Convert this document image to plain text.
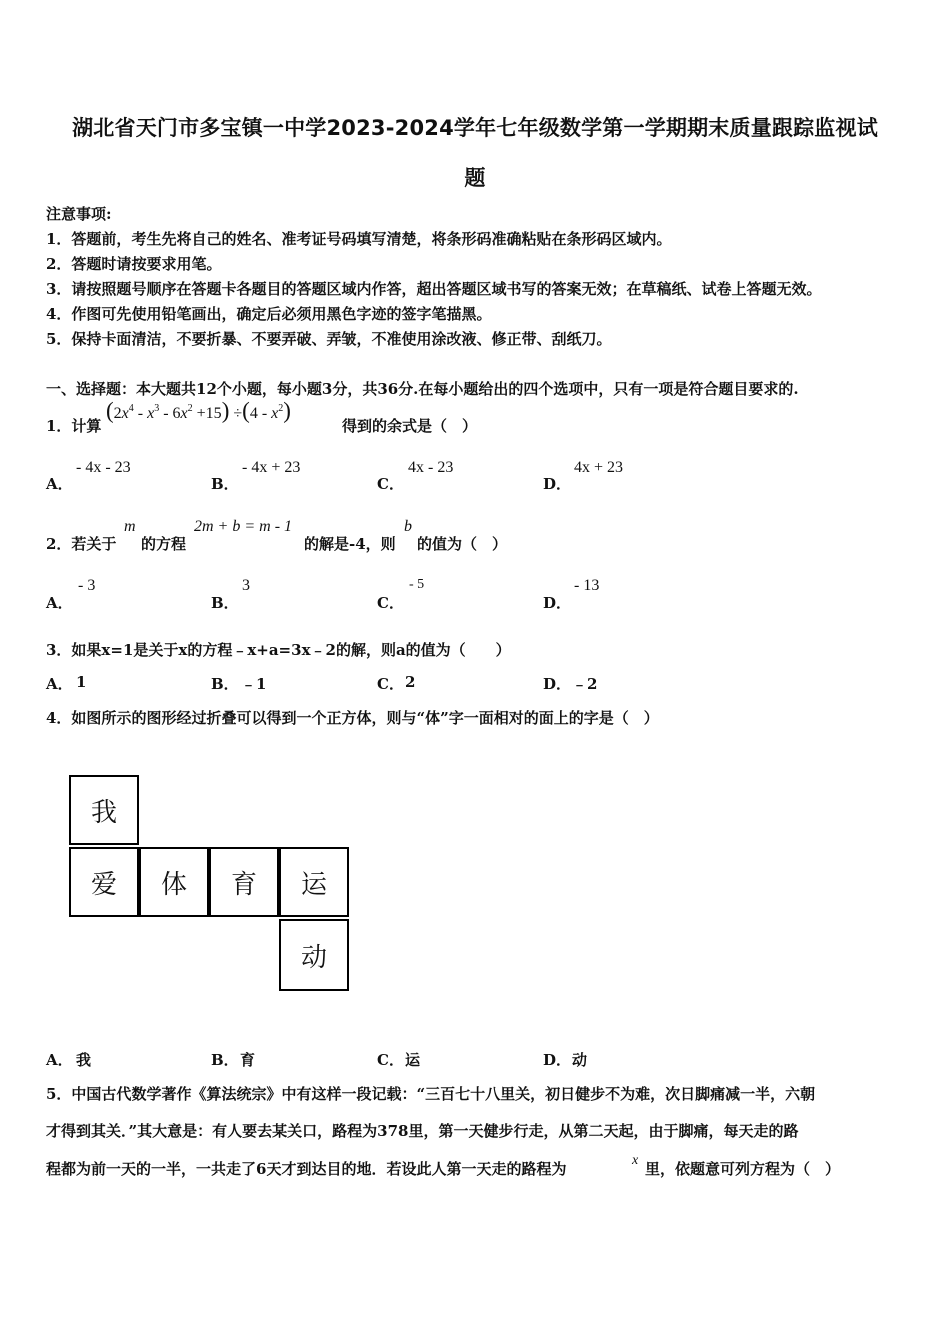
湖北省天门市多宝镇一中学2023-2024学年七年级数学第一学期期末质量跟踪监视试
题
注意事项:
1．答题前，考生先将自己的姓名、准考证号码填写清楚，将条形码准确粘贴在条形码区域内。
2．答题时请按要求用笔。
3．请按照题号顺序在答题卡各题目的答题区域内作答，超出答题区域书写的答案无效；在草稿纸、试卷上答题无效。
4．作图可先使用铅笔画出，确定后必须用黑色字迹的签字笔描黑。
5．保持卡面清洁，不要折暴、不要弄破、弄皱，不准使用涂改液、修正带、刮纸刀。
一、选择题：本大题共12个小题，每小题3分，共36分.在每小题给出的四个选项中，只有一项是符合题目要求的.
1．计算
$(2x^4 - x^3 - 6x^2 +15) \div(4 - x^2)$
得到的余式是（　）
A．
- 4x - 23
B．
- 4x + 23
C．
4x - 23
D．
4x + 23
2．若关于
m
的方程
2m + b = m - 1
的解是-4，则
b
的值为（　）
A．
- 3
B．
3
C．
- 5
D．
- 13
3．如果x=1是关于x的方程﹣x+a=3x﹣2的解，则a的值为（　　）
A． 1	B． ﹣1	C． 2	D． ﹣2
4．如图所示的图形经过折叠可以得到一个正方体，则与“体”字一面相对的面上的字是（　）
我
爱	体	育	运
动
A． 我	B． 育	C． 运	D． 动
5．中国古代数学著作《算法统宗》中有这样一段记载：“三百七十八里关，初日健步不为难，次日脚痛减一半，六朝
才得到其关．”其大意是：有人要去某关口，路程为378里，第一天健步行走，从第二天起，由于脚痛，每天走的路
程都为前一天的一半，一共走了6天才到达目的地．若设此人第一天走的路程为	x 里，依题意可列方程为（　）
